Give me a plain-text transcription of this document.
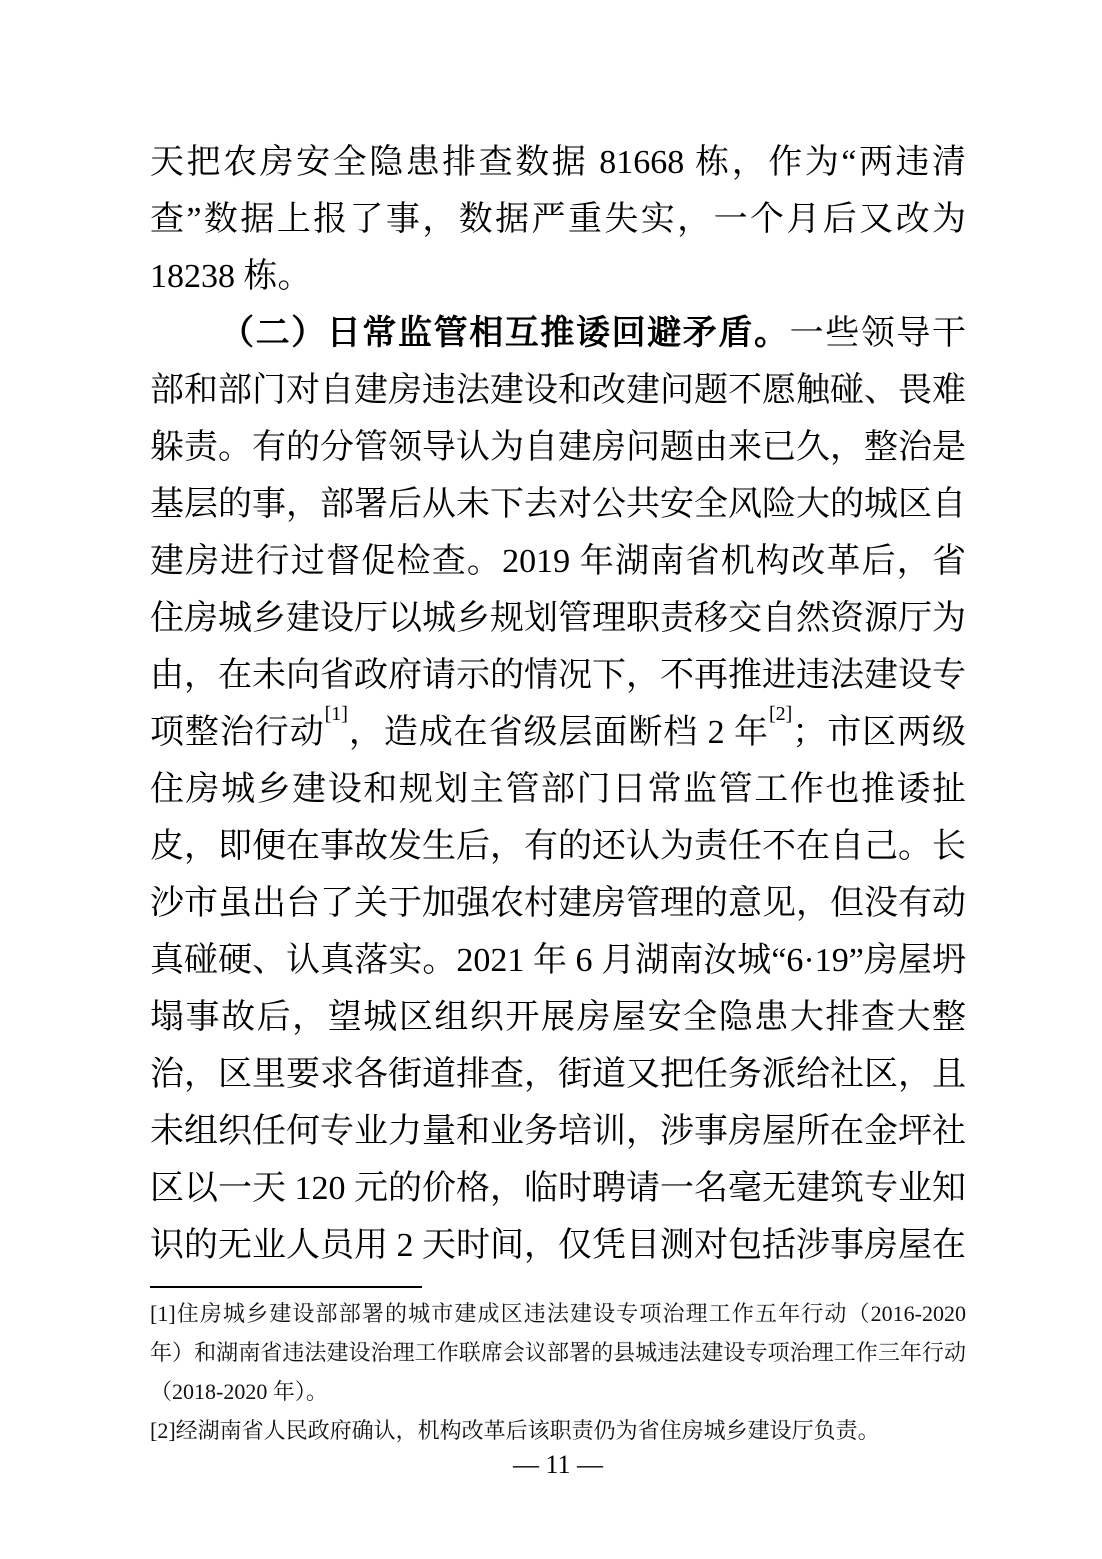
天把农房安全隐患排查数据 81668 栋，作为“两违清查”数据上报了事，数据严重失实，一个月后又改为 18238 栋。

（二）日常监管相互推诿回避矛盾。一些领导干部和部门对自建房违法建设和改建问题不愿触碰、畏难躲责。有的分管领导认为自建房问题由来已久，整治是基层的事，部署后从未下去对公共安全风险大的城区自建房进行过督促检查。2019 年湖南省机构改革后，省住房城乡建设厅以城乡规划管理职责移交自然资源厅为由，在未向省政府请示的情况下，不再推进违法建设专项整治行动[1]，造成在省级层面断档 2 年[2]；市区两级住房城乡建设和规划主管部门日常监管工作也推诿扯皮，即便在事故发生后，有的还认为责任不在自己。长沙市虽出台了关于加强农村建房管理的意见，但没有动真碰硬、认真落实。2021 年 6 月湖南汝城“6·19”房屋坍塌事故后，望城区组织开展房屋安全隐患大排查大整治，区里要求各街道排查，街道又把任务派给社区，且未组织任何专业力量和业务培训，涉事房屋所在金坪社区以一天 120 元的价格，临时聘请一名毫无建筑专业知识的无业人员用 2 天时间，仅凭目测对包括涉事房屋在

[1]住房城乡建设部部署的城市建成区违法建设专项治理工作五年行动（2016-2020 年）和湖南省违法建设治理工作联席会议部署的县城违法建设专项治理工作三年行动（2018-2020 年）。

[2]经湖南省人民政府确认，机构改革后该职责仍为省住房城乡建设厅负责。

— 11 —
